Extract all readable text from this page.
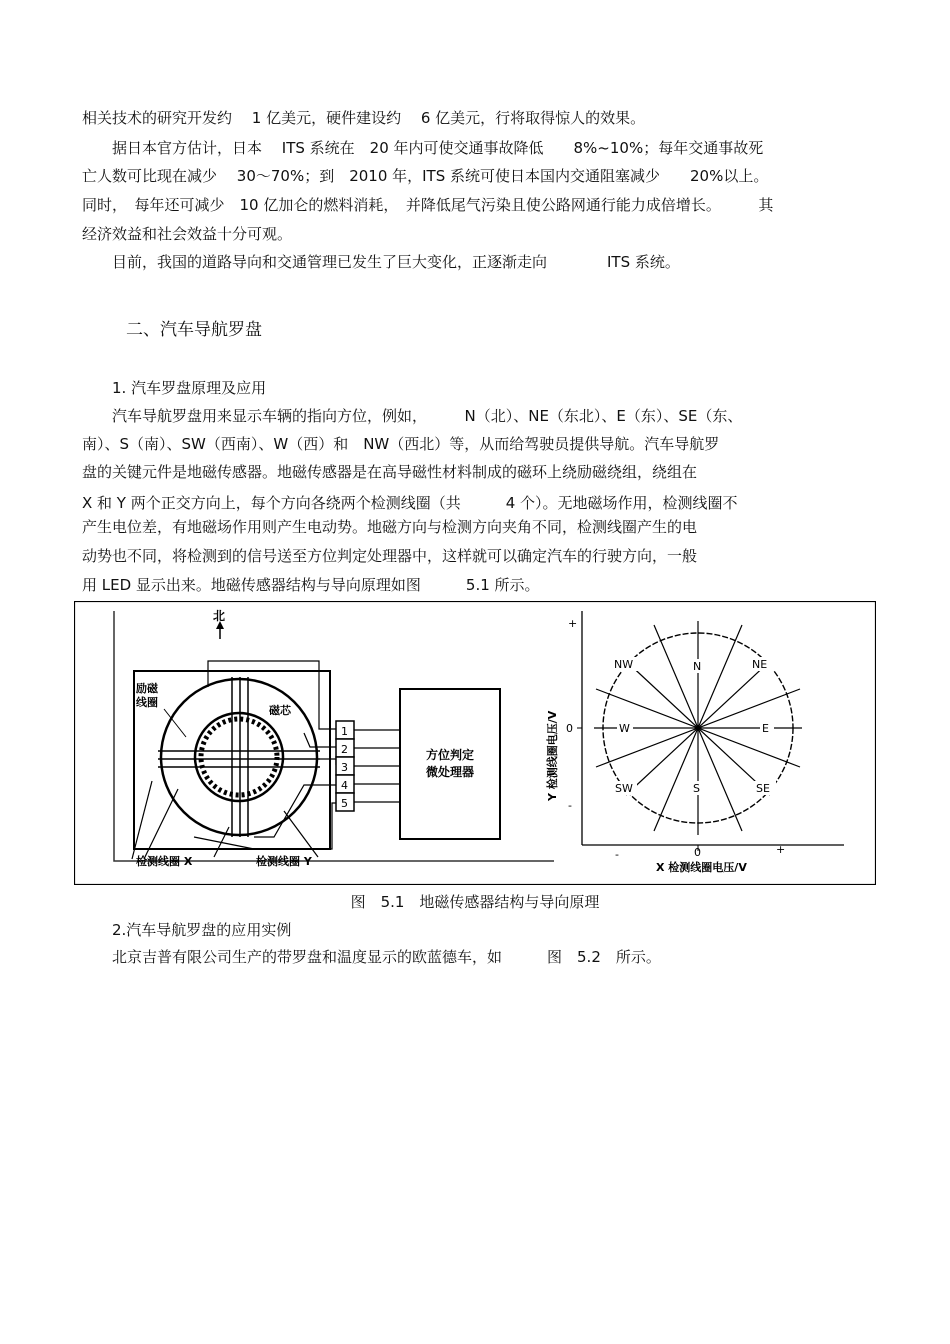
相关技术的研究开发约　 1 亿美元，硬件建设约　 6 亿美元，行将取得惊人的效果。
　　据日本官方估计，日本　 ITS 系统在　20 年内可使交通事故降低　　8%~10%；每年交通事故死
亡人数可比现在减少　 30～70%；到　2010 年，ITS 系统可使日本国内交通阻塞减少　　20%以上。
同时，　每年还可减少　10 亿加仑的燃料消耗，　并降低尾气污染且使公路网通行能力成倍增长。　　　其
经济效益和社会效益十分可观。
　　目前，我国的道路导向和交通管理已发生了巨大变化，正逐渐走向　　　　ITS 系统。
二、汽车导航罗盘
　　1. 汽车罗盘原理及应用
　　汽车导航罗盘用来显示车辆的指向方位，例如，　　　N（北）、NE（东北）、E（东）、SE（东、
南）、S（南）、SW（西南）、W（西）和　NW（西北）等，从而给驾驶员提供导航。汽车导航罗
盘的关键元件是地磁传感器。地磁传感器是在高导磁性材料制成的磁环上绕励磁绕组，绕组在
X 和 Y 两个正交方向上，每个方向各绕两个检测线圈（共　　　4 个）。无地磁场作用，检测线圈不
产生电位差，有地磁场作用则产生电动势。地磁方向与检测方向夹角不同，检测线圈产生的电
动势也不同，将检测到的信号送至方位判定处理器中，这样就可以确定汽车的行驶方向，一般
用 LED 显示出来。地磁传感器结构与导向原理如图　　　5.1 所示。
北
励磁
线圈
磁芯
1
2
3
4
5
方位判定
微处理器
检测线圈 X	检测线圈 Y
N	NE
NW
E
W
S	SE
SW
+
0
-
-	0	+
X 检测线圈电压/V
Y 检测线圈电压/V
图　5.1　地磁传感器结构与导向原理
　　2.汽车导航罗盘的应用实例
　　北京吉普有限公司生产的带罗盘和温度显示的欧蓝德车，如　　　图　5.2　所示。
